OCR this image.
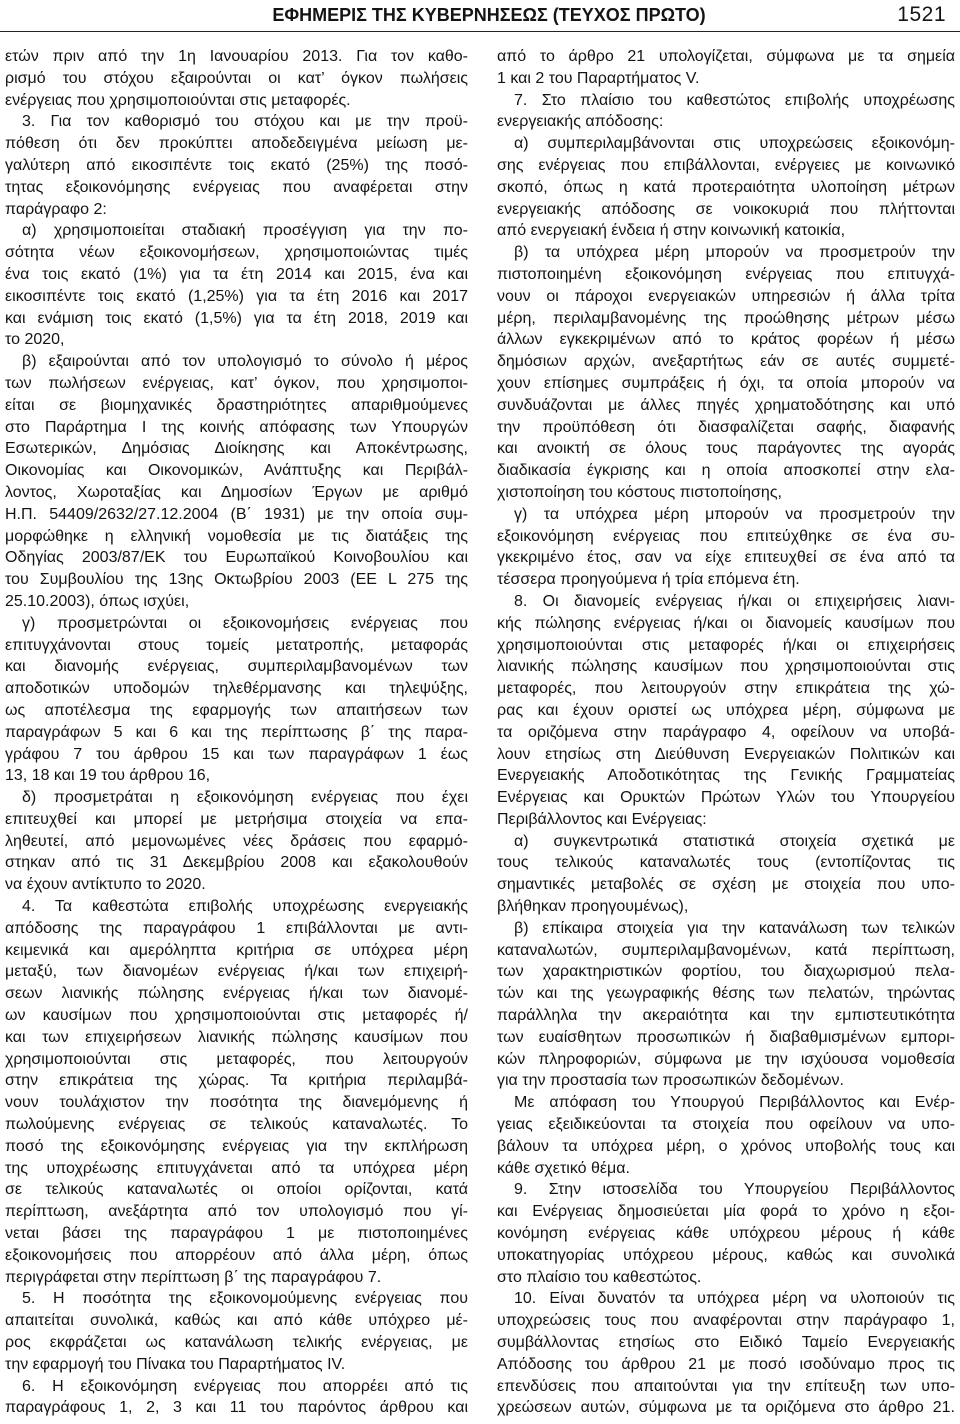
ΕΦΗΜΕΡΙΣ ΤΗΣ ΚΥΒΕΡΝΗΣΕΩΣ (ΤΕΥΧΟΣ ΠΡΩΤΟ)	1521
ετών πριν από την 1η Ιανουαρίου 2013. Για τον καθο-
ρισμό του στόχου εξαιρούνται οι κατ’ όγκον πωλήσεις
ενέργειας που χρησιμοποιούνται στις μεταφορές.
3. Για τον καθορισμό του στόχου και με την προϋ-
πόθεση ότι δεν προκύπτει αποδεδειγμένα μείωση με-
γαλύτερη από εικοσιπέντε τοις εκατό (25%) της ποσό-
τητας εξοικονόμησης ενέργειας που αναφέρεται στην
παράγραφο 2:
α) χρησιμοποιείται σταδιακή προσέγγιση για την πο-
σότητα νέων εξοικονομήσεων, χρησιμοποιώντας τιμές
ένα τοις εκατό (1%) για τα έτη 2014 και 2015, ένα και
εικοσιπέντε τοις εκατό (1,25%) για τα έτη 2016 και 2017
και ενάμιση τοις εκατό (1,5%) για τα έτη 2018, 2019 και
το 2020,
β) εξαιρούνται από τον υπολογισμό το σύνολο ή μέρος
των πωλήσεων ενέργειας, κατ’ όγκον, που χρησιμοποι-
είται σε βιομηχανικές δραστηριότητες απαριθμούμενες
στο Παράρτημα I της κοινής απόφασης των Υπουργών
Εσωτερικών, Δημόσιας Διοίκησης και Αποκέντρωσης,
Οικονομίας και Οικονομικών, Ανάπτυξης και Περιβάλ-
λοντος, Χωροταξίας και Δημοσίων Έργων με αριθμό
Η.Π. 54409/2632/27.12.2004 (Β΄ 1931) με την οποία συμ-
μορφώθηκε η ελληνική νομοθεσία με τις διατάξεις της
Οδηγίας 2003/87/ΕΚ του Ευρωπαϊκού Κοινοβουλίου και
του Συμβουλίου της 13ης Οκτωβρίου 2003 (ΕΕ L 275 της
25.10.2003), όπως ισχύει,
γ) προσμετρώνται οι εξοικονομήσεις ενέργειας που
επιτυγχάνονται στους τομείς μετατροπής, μεταφοράς
και διανομής ενέργειας, συμπεριλαμβανομένων των
αποδοτικών υποδομών τηλεθέρμανσης και τηλεψύξης,
ως αποτέλεσμα της εφαρμογής των απαιτήσεων των
παραγράφων 5 και 6 και της περίπτωσης β΄ της παρα-
γράφου 7 του άρθρου 15 και των παραγράφων 1 έως
13, 18 και 19 του άρθρου 16,
δ) προσμετράται η εξοικονόμηση ενέργειας που έχει
επιτευχθεί και μπορεί με μετρήσιμα στοιχεία να επα-
ληθευτεί, από μεμονωμένες νέες δράσεις που εφαρμό-
στηκαν από τις 31 Δεκεμβρίου 2008 και εξακολουθούν
να έχουν αντίκτυπο το 2020.
4. Τα καθεστώτα επιβολής υποχρέωσης ενεργειακής
απόδοσης της παραγράφου 1 επιβάλλονται με αντι-
κειμενικά και αμερόληπτα κριτήρια σε υπόχρεα μέρη
μεταξύ, των διανομέων ενέργειας ή/και των επιχειρή-
σεων λιανικής πώλησης ενέργειας ή/και των διανομέ-
ων καυσίμων που χρησιμοποιούνται στις μεταφορές ή/
και των επιχειρήσεων λιανικής πώλησης καυσίμων που
χρησιμοποιούνται στις μεταφορές, που λειτουργούν
στην επικράτεια της χώρας. Τα κριτήρια περιλαμβά-
νουν τουλάχιστον την ποσότητα της διανεμόμενης ή
πωλούμενης ενέργειας σε τελικούς καταναλωτές. Το
ποσό της εξοικονόμησης ενέργειας για την εκπλήρωση
της υποχρέωσης επιτυγχάνεται από τα υπόχρεα μέρη
σε τελικούς καταναλωτές οι οποίοι ορίζονται, κατά
περίπτωση, ανεξάρτητα από τον υπολογισμό που γί-
νεται βάσει της παραγράφου 1 με πιστοποιημένες
εξοικονομήσεις που απορρέουν από άλλα μέρη, όπως
περιγράφεται στην περίπτωση β΄ της παραγράφου 7.
5. Η ποσότητα της εξοικονομούμενης ενέργειας που
απαιτείται συνολικά, καθώς και από κάθε υπόχρεο μέ-
ρος εκφράζεται ως κατανάλωση τελικής ενέργειας, με
την εφαρμογή του Πίνακα του Παραρτήματος IV.
6. Η εξοικονόμηση ενέργειας που απορρέει από τις
παραγράφους 1, 2, 3 και 11 του παρόντος άρθρου και
από το άρθρο 21 υπολογίζεται, σύμφωνα με τα σημεία
1 και 2 του Παραρτήματος V.
7. Στο πλαίσιο του καθεστώτος επιβολής υποχρέωσης
ενεργειακής απόδοσης:
α) συμπεριλαμβάνονται στις υποχρεώσεις εξοικονόμη-
σης ενέργειας που επιβάλλονται, ενέργειες με κοινωνικό
σκοπό, όπως η κατά προτεραιότητα υλοποίηση μέτρων
ενεργειακής απόδοσης σε νοικοκυριά που πλήττονται
από ενεργειακή ένδεια ή στην κοινωνική κατοικία,
β) τα υπόχρεα μέρη μπορούν να προσμετρούν την
πιστοποιημένη εξοικονόμηση ενέργειας που επιτυγχά-
νουν οι πάροχοι ενεργειακών υπηρεσιών ή άλλα τρίτα
μέρη, περιλαμβανομένης της προώθησης μέτρων μέσω
άλλων εγκεκριμένων από το κράτος φορέων ή μέσω
δημόσιων αρχών, ανεξαρτήτως εάν σε αυτές συμμετέ-
χουν επίσημες συμπράξεις ή όχι, τα οποία μπορούν να
συνδυάζονται με άλλες πηγές χρηματοδότησης και υπό
την προϋπόθεση ότι διασφαλίζεται σαφής, διαφανής
και ανοικτή σε όλους τους παράγοντες της αγοράς
διαδικασία έγκρισης και η οποία αποσκοπεί στην ελα-
χιστοποίηση του κόστους πιστοποίησης,
γ) τα υπόχρεα μέρη μπορούν να προσμετρούν την
εξοικονόμηση ενέργειας που επιτεύχθηκε σε ένα συ-
γκεκριμένο έτος, σαν να είχε επιτευχθεί σε ένα από τα
τέσσερα προηγούμενα ή τρία επόμενα έτη.
8. Οι διανομείς ενέργειας ή/και οι επιχειρήσεις λιανι-
κής πώλησης ενέργειας ή/και οι διανομείς καυσίμων που
χρησιμοποιούνται στις μεταφορές ή/και οι επιχειρήσεις
λιανικής πώλησης καυσίμων που χρησιμοποιούνται στις
μεταφορές, που λειτουργούν στην επικράτεια της χώ-
ρας και έχουν οριστεί ως υπόχρεα μέρη, σύμφωνα με
τα οριζόμενα στην παράγραφο 4, οφείλουν να υποβά-
λουν ετησίως στη Διεύθυνση Ενεργειακών Πολιτικών και
Ενεργειακής Αποδοτικότητας της Γενικής Γραμματείας
Ενέργειας και Ορυκτών Πρώτων Υλών του Υπουργείου
Περιβάλλοντος και Ενέργειας:
α) συγκεντρωτικά στατιστικά στοιχεία σχετικά με
τους τελικούς καταναλωτές τους (εντοπίζοντας τις
σημαντικές μεταβολές σε σχέση με στοιχεία που υπο-
βλήθηκαν προηγουμένως),
β) επίκαιρα στοιχεία για την κατανάλωση των τελικών
καταναλωτών, συμπεριλαμβανομένων, κατά περίπτωση,
των χαρακτηριστικών φορτίου, του διαχωρισμού πελα-
τών και της γεωγραφικής θέσης των πελατών, τηρώντας
παράλληλα την ακεραιότητα και την εμπιστευτικότητα
των ευαίσθητων προσωπικών ή διαβαθμισμένων εμπορι-
κών πληροφοριών, σύμφωνα με την ισχύουσα νομοθεσία
για την προστασία των προσωπικών δεδομένων.
Με απόφαση του Υπουργού Περιβάλλοντος και Ενέρ-
γειας εξειδικεύονται τα στοιχεία που οφείλουν να υπο-
βάλουν τα υπόχρεα μέρη, ο χρόνος υποβολής τους και
κάθε σχετικό θέμα.
9. Στην ιστοσελίδα του Υπουργείου Περιβάλλοντος
και Ενέργειας δημοσιεύεται μία φορά το χρόνο η εξοι-
κονόμηση ενέργειας κάθε υπόχρεου μέρους ή κάθε
υποκατηγορίας υπόχρεου μέρους, καθώς και συνολικά
στο πλαίσιο του καθεστώτος.
10. Είναι δυνατόν τα υπόχρεα μέρη να υλοποιούν τις
υποχρεώσεις τους που αναφέρονται στην παράγραφο 1,
συμβάλλοντας ετησίως στο Ειδικό Ταμείο Ενεργειακής
Απόδοσης του άρθρου 21 με ποσό ισοδύναμο προς τις
επενδύσεις που απαιτούνται για την επίτευξη των υπο-
χρεώσεων αυτών, σύμφωνα με τα οριζόμενα στο άρθρο 21.
